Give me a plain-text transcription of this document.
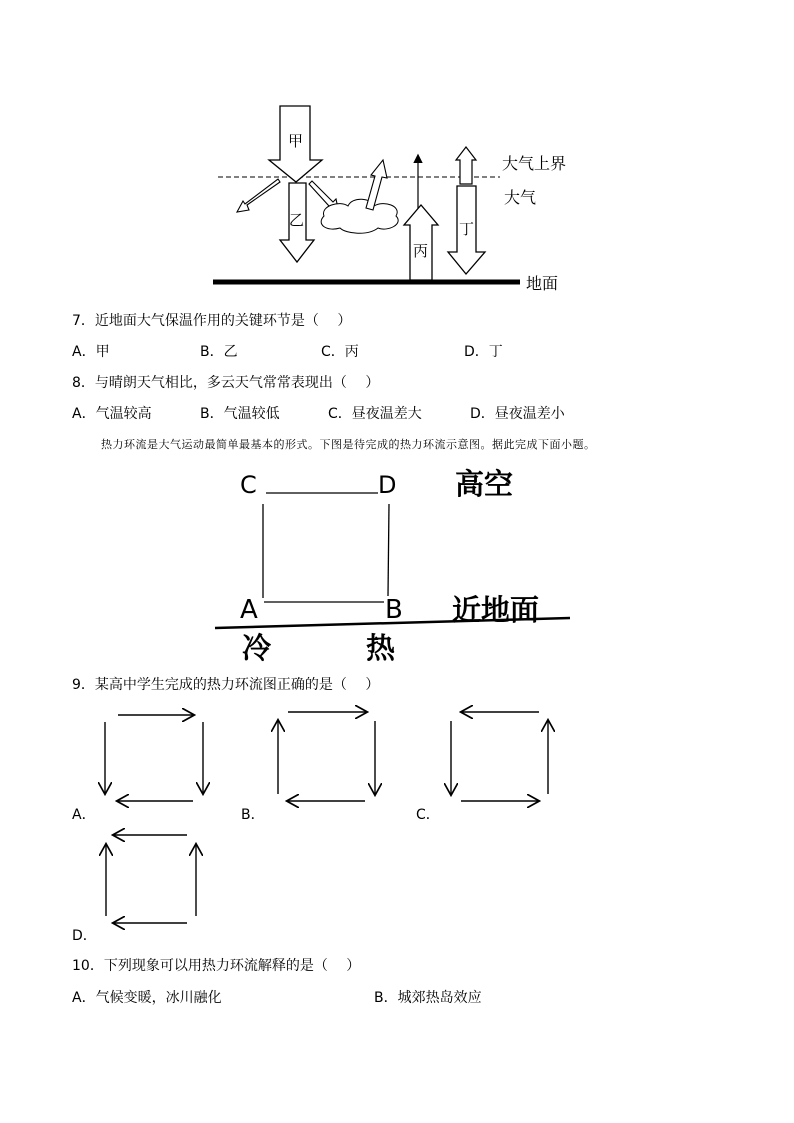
甲
乙
丙
丁
大气上界
大气
地面
7．近地面大气保温作用的关键环节是（　 ）
A．甲	B．乙	C．丙	D．丁
8．与晴朗天气相比，多云天气常常表现出（　 ）
A．气温较高	B．气温较低	C．昼夜温差大	D．昼夜温差小
热力环流是大气运动最简单最基本的形式。下图是待完成的热力环流示意图。据此完成下面小题。
C	D
A	B
高空
近地面
冷	热
9．某高中学生完成的热力环流图正确的是（　 ）
A．	B．	C．
D．
10．下列现象可以用热力环流解释的是（　 ）
A．气候变暖，冰川融化	B．城郊热岛效应
